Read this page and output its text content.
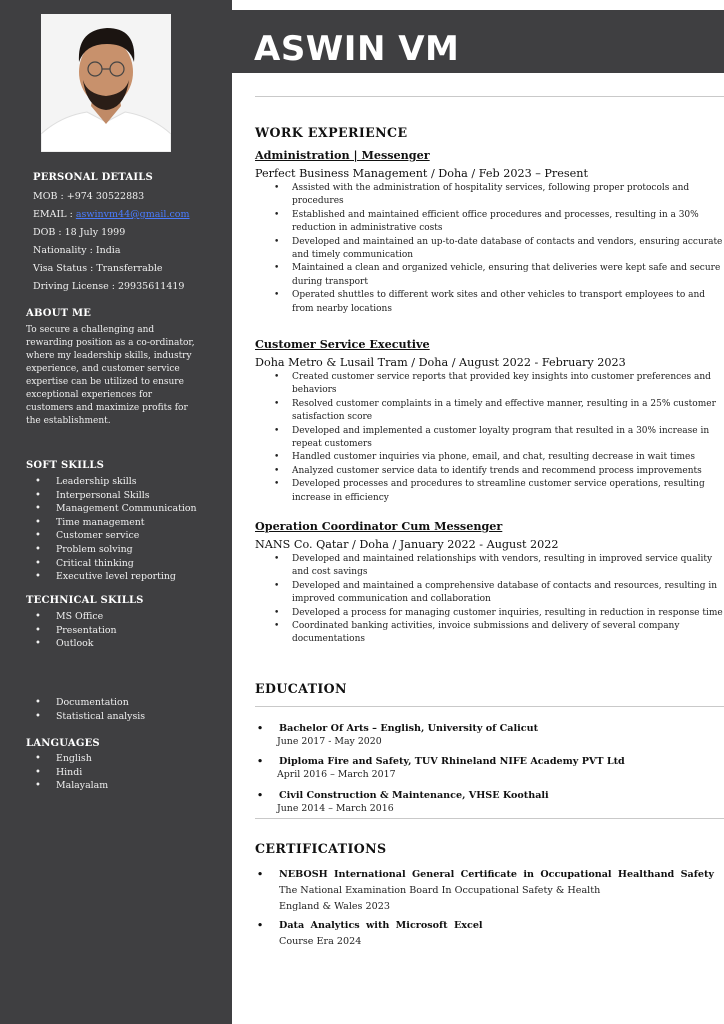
PERSONAL DETAILS
MOB : +974 30522883
EMAIL : aswinvm44@gmail.com
DOB : 18 July 1999
Nationality : India
Visa Status : Transferrable
Driving License : 29935611419
ABOUT ME
To secure a challenging and rewarding position as a co-ordinator, where my leadership skills, industry experience, and customer service expertise can be utilized to ensure exceptional experiences for customers and maximize profits for the establishment.
SOFT SKILLS
• Leadership skills
• Interpersonal Skills
• Management Communication
• Time management
• Customer service
• Problem solving
• Critical thinking
• Executive level reporting
TECHNICAL SKILLS
• MS Office
• Presentation
• Outlook
• Documentation
• Statistical analysis
LANGUAGES
• English
• Hindi
• Malayalam
ASWIN VM
WORK EXPERIENCE
Administration | Messenger
Perfect Business Management / Doha / Feb 2023 – Present
• Assisted with the administration of hospitality services, following proper protocols and procedures
• Established and maintained efficient office procedures and processes, resulting in a 30% reduction in administrative costs
• Developed and maintained an up-to-date database of contacts and vendors, ensuring accurate and timely communication
• Maintained a clean and organized vehicle, ensuring that deliveries were kept safe and secure during transport
• Operated shuttles to different work sites and other vehicles to transport employees to and from nearby locations
Customer Service Executive
Doha Metro & Lusail Tram / Doha / August 2022 - February 2023
• Created customer service reports that provided key insights into customer preferences and behaviors
• Resolved customer complaints in a timely and effective manner, resulting in a 25% customer satisfaction score
• Developed and implemented a customer loyalty program that resulted in a 30% increase in repeat customers
• Handled customer inquiries via phone, email, and chat, resulting decrease in wait times
• Analyzed customer service data to identify trends and recommend process improvements
• Developed processes and procedures to streamline customer service operations, resulting increase in efficiency
Operation Coordinator Cum Messenger
NANS Co. Qatar / Doha / January 2022 - August 2022
• Developed and maintained relationships with vendors, resulting in improved service quality and cost savings
• Developed and maintained a comprehensive database of contacts and resources, resulting in improved communication and collaboration
• Developed a process for managing customer inquiries, resulting in reduction in response time
• Coordinated banking activities, invoice submissions and delivery of several company documentations
EDUCATION
• Bachelor Of Arts – English, University of Calicut
June 2017 - May 2020
• Diploma Fire and Safety, TUV Rhineland NIFE Academy PVT Ltd
April 2016 – March 2017
• Civil Construction & Maintenance, VHSE Koothali
June 2014 – March 2016
CERTIFICATIONS
• NEBOSH International General Certificate in Occupational Healthand Safety
The National Examination Board In Occupational Safety & Health
England & Wales 2023
• Data Analytics with Microsoft Excel
Course Era 2024
